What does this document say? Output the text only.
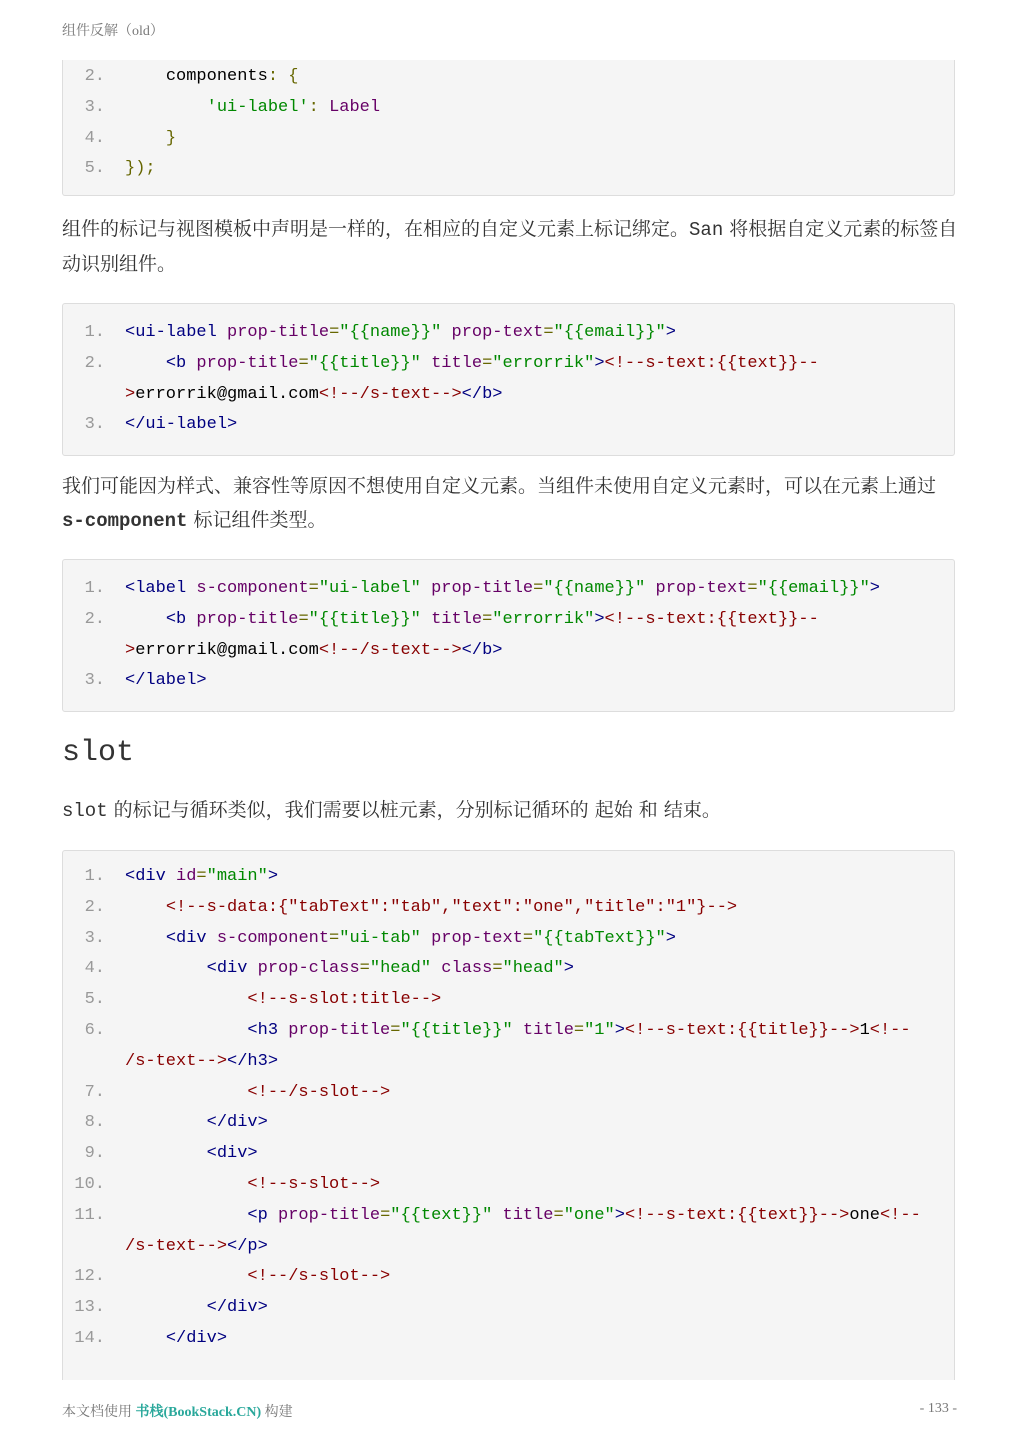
组件反解（old）
2.	components: {
3.	'ui-label': Label
4.	}
5. });
组件的标记与视图模板中声明是一样的，在相应的自定义元素上标记绑定。San 将根据自定义元素的标签自动识别组件。
1. <ui-label prop-title="{{name}}" prop-text="{{email}}">
2.	<b prop-title="{{title}}" title="errorrik"><!--s-text:{{text}}--
>errorrik@gmail.com<!--/s-text--></b>
3. </ui-label>
我们可能因为样式、兼容性等原因不想使用自定义元素。当组件未使用自定义元素时，可以在元素上通过 s-component 标记组件类型。
1. <label s-component="ui-label" prop-title="{{name}}" prop-text="{{email}}">
2.	<b prop-title="{{title}}" title="errorrik"><!--s-text:{{text}}--
>errorrik@gmail.com<!--/s-text--></b>
3. </label>
slot
slot 的标记与循环类似，我们需要以桩元素，分别标记循环的 起始 和 结束。
1. <div id="main">
2.	<!--s-data:{"tabText":"tab","text":"one","title":"1"}-->
3.	<div s-component="ui-tab" prop-text="{{tabText}}">
4.	<div prop-class="head" class="head">
5.	<!--s-slot:title-->
6.	<h3 prop-title="{{title}}" title="1"><!--s-text:{{title}}-->1<!--
/s-text--></h3>
7.	<!--/s-slot-->
8.	</div>
9.	<div>
10.	<!--s-slot-->
11.	<p prop-title="{{text}}" title="one"><!--s-text:{{text}}-->one<!--
/s-text--></p>
12.	<!--/s-slot-->
13.	</div>
14.	</div>
本文档使用 书栈(BookStack.CN) 构建	- 133 -
